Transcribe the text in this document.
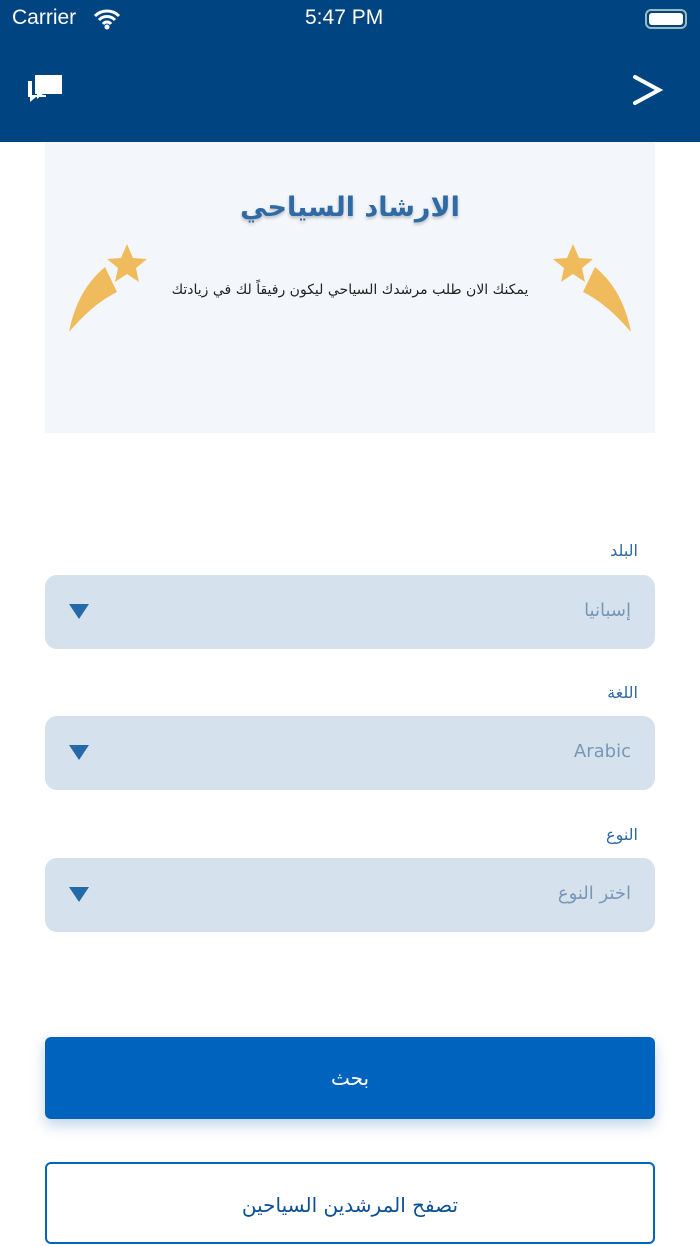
Carrier	5:47 PM
الارشاد السياحي
يمكنك الان طلب مرشدك السياحي ليكون رفيقاً لك في زيادتك
البلد
إسبانيا
اللغة
Arabic
النوع
اختر النوع
بحث
تصفح المرشدين السياحين
